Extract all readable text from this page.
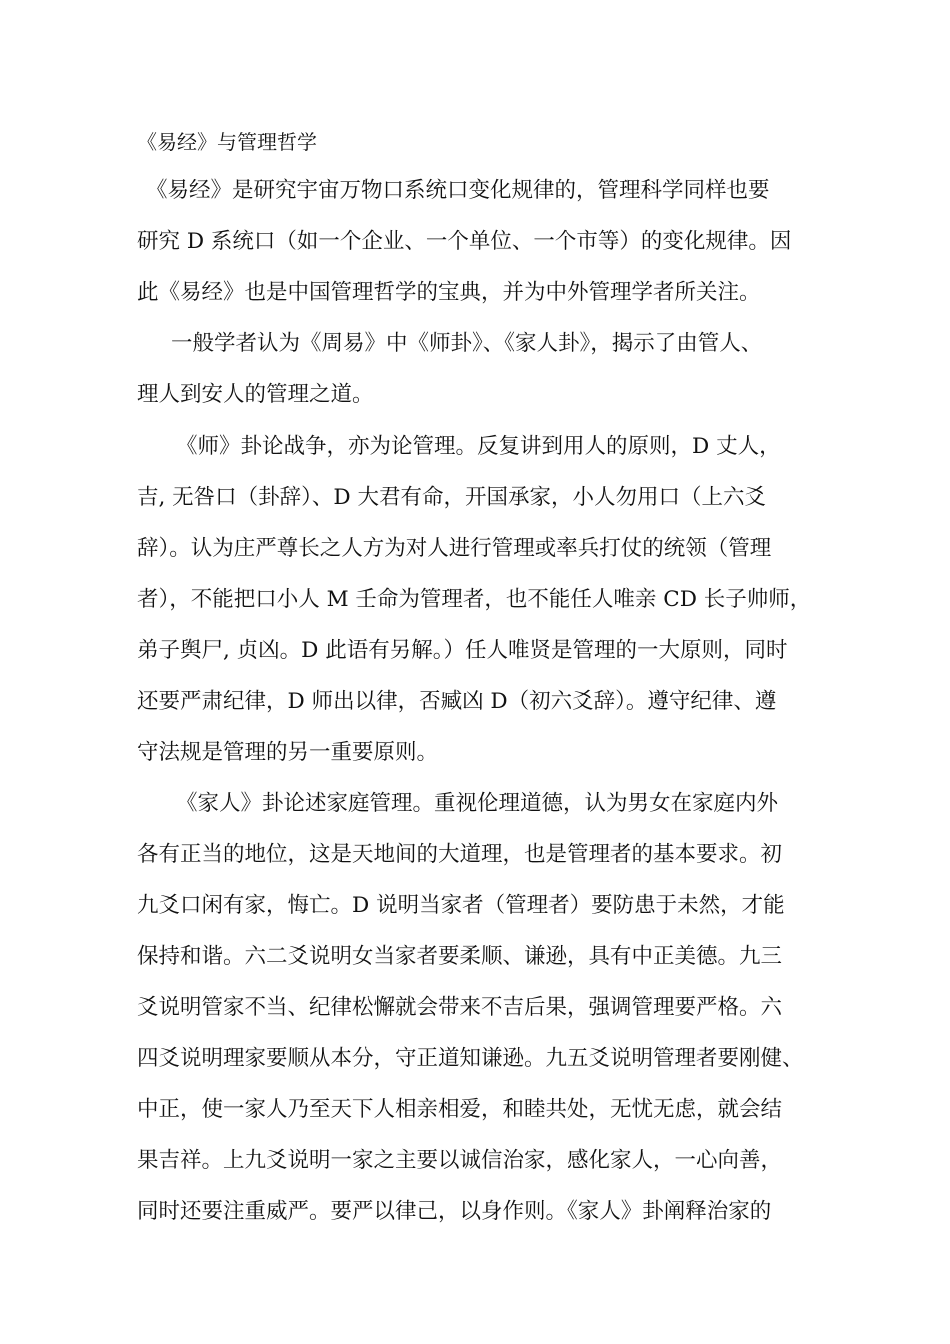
《易经》与管理哲学
《易经》是研究宇宙万物口系统口变化规律的，管理科学同样也要
研究 D 系统口（如一个企业、一个单位、一个市等）的变化规律。因
此《易经》也是中国管理哲学的宝典，并为中外管理学者所关注。
一般学者认为《周易》中《师卦》、《家人卦》，揭示了由管人、
理人到安人的管理之道。
《师》卦论战争，亦为论管理。反复讲到用人的原则，D 丈人，
吉, 无咎口（卦辞）、D 大君有命，开国承家，小人勿用口（上六爻
辞）。认为庄严尊长之人方为对人进行管理或率兵打仗的统领（管理
者），不能把口小人 M 壬命为管理者，也不能任人唯亲 CD 长子帅师，
弟子舆尸, 贞凶。D 此语有另解。）任人唯贤是管理的一大原则，同时
还要严肃纪律，D 师出以律，否臧凶 D（初六爻辞）。遵守纪律、遵
守法规是管理的另一重要原则。
《家人》卦论述家庭管理。重视伦理道德，认为男女在家庭内外
各有正当的地位，这是天地间的大道理，也是管理者的基本要求。初
九爻口闲有家，悔亡。D 说明当家者（管理者）要防患于未然，才能
保持和谐。六二爻说明女当家者要柔顺、谦逊，具有中正美德。九三
爻说明管家不当、纪律松懈就会带来不吉后果，强调管理要严格。六
四爻说明理家要顺从本分，守正道知谦逊。九五爻说明管理者要刚健、
中正，使一家人乃至天下人相亲相爱，和睦共处，无忧无虑，就会结
果吉祥。上九爻说明一家之主要以诚信治家，感化家人，一心向善，
同时还要注重威严。要严以律己，以身作则。《家人》卦阐释治家的
